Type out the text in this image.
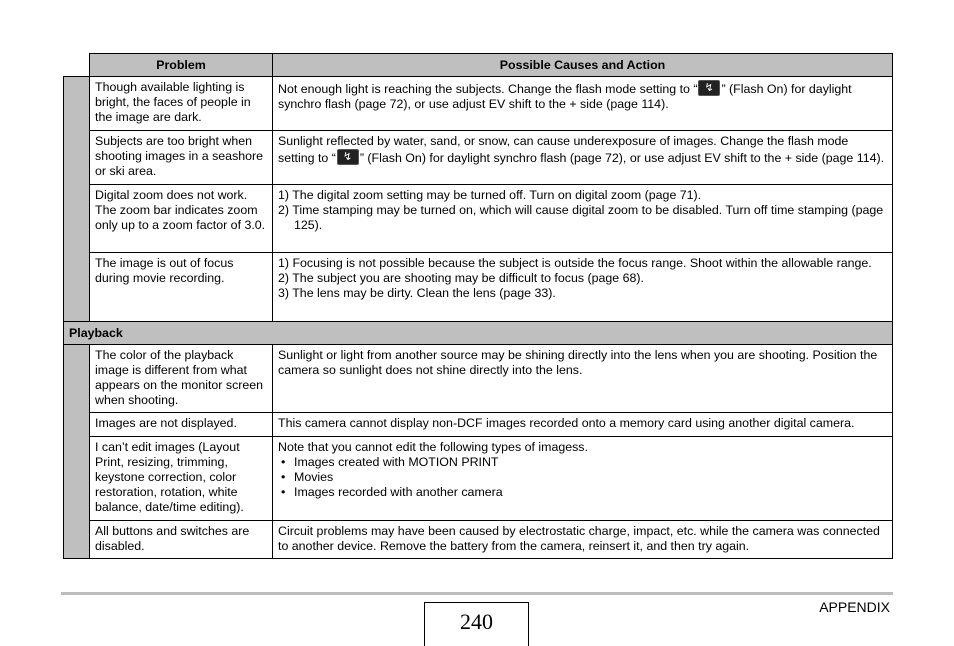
	Problem	Possible Causes and Action
	Though available lighting is bright, the faces of people in the image are dark.	Not enough light is reaching the subjects. Change the flash mode setting to “ ↯ ” (Flash On) for daylight synchro flash (page 72), or use adjust EV shift to the + side (page 114).
	Subjects are too bright when shooting images in a seashore or ski area.	Sunlight reflected by water, sand, or snow, can cause underexposure of images. Change the flash mode setting to “ ↯ ” (Flash On) for daylight synchro flash (page 72), or use adjust EV shift to the + side (page 114).
	Digital zoom does not work. The zoom bar indicates zoom only up to a zoom factor of 3.0.	1) The digital zoom setting may be turned off. Turn on digital zoom (page 71).
2) Time stamping may be turned on, which will cause digital zoom to be disabled. Turn off time stamping (page 125).

	The image is out of focus during movie recording.	1) Focusing is not possible because the subject is outside the focus range. Shoot within the allowable range.
2) The subject you are shooting may be difficult to focus (page 68).
3) The lens may be dirty. Clean the lens (page 33).

Playback		
	The color of the playback image is different from what appears on the monitor screen when shooting.	Sunlight or light from another source may be shining directly into the lens when you are shooting. Position the camera so sunlight does not shine directly into the lens.
	Images are not displayed.	This camera cannot display non-DCF images recorded onto a memory card using another digital camera.
	I can’t edit images (Layout Print, resizing, trimming, keystone correction, color restoration, rotation, white balance, date/time editing).	Note that you cannot edit the following types of imagess.
• Images created with MOTION PRINT
• Movies
• Images recorded with another camera

	All buttons and switches are disabled.	Circuit problems may have been caused by electrostatic charge, impact, etc. while the camera was connected to another device. Remove the battery from the camera, reinsert it, and then try again.
240
APPENDIX
